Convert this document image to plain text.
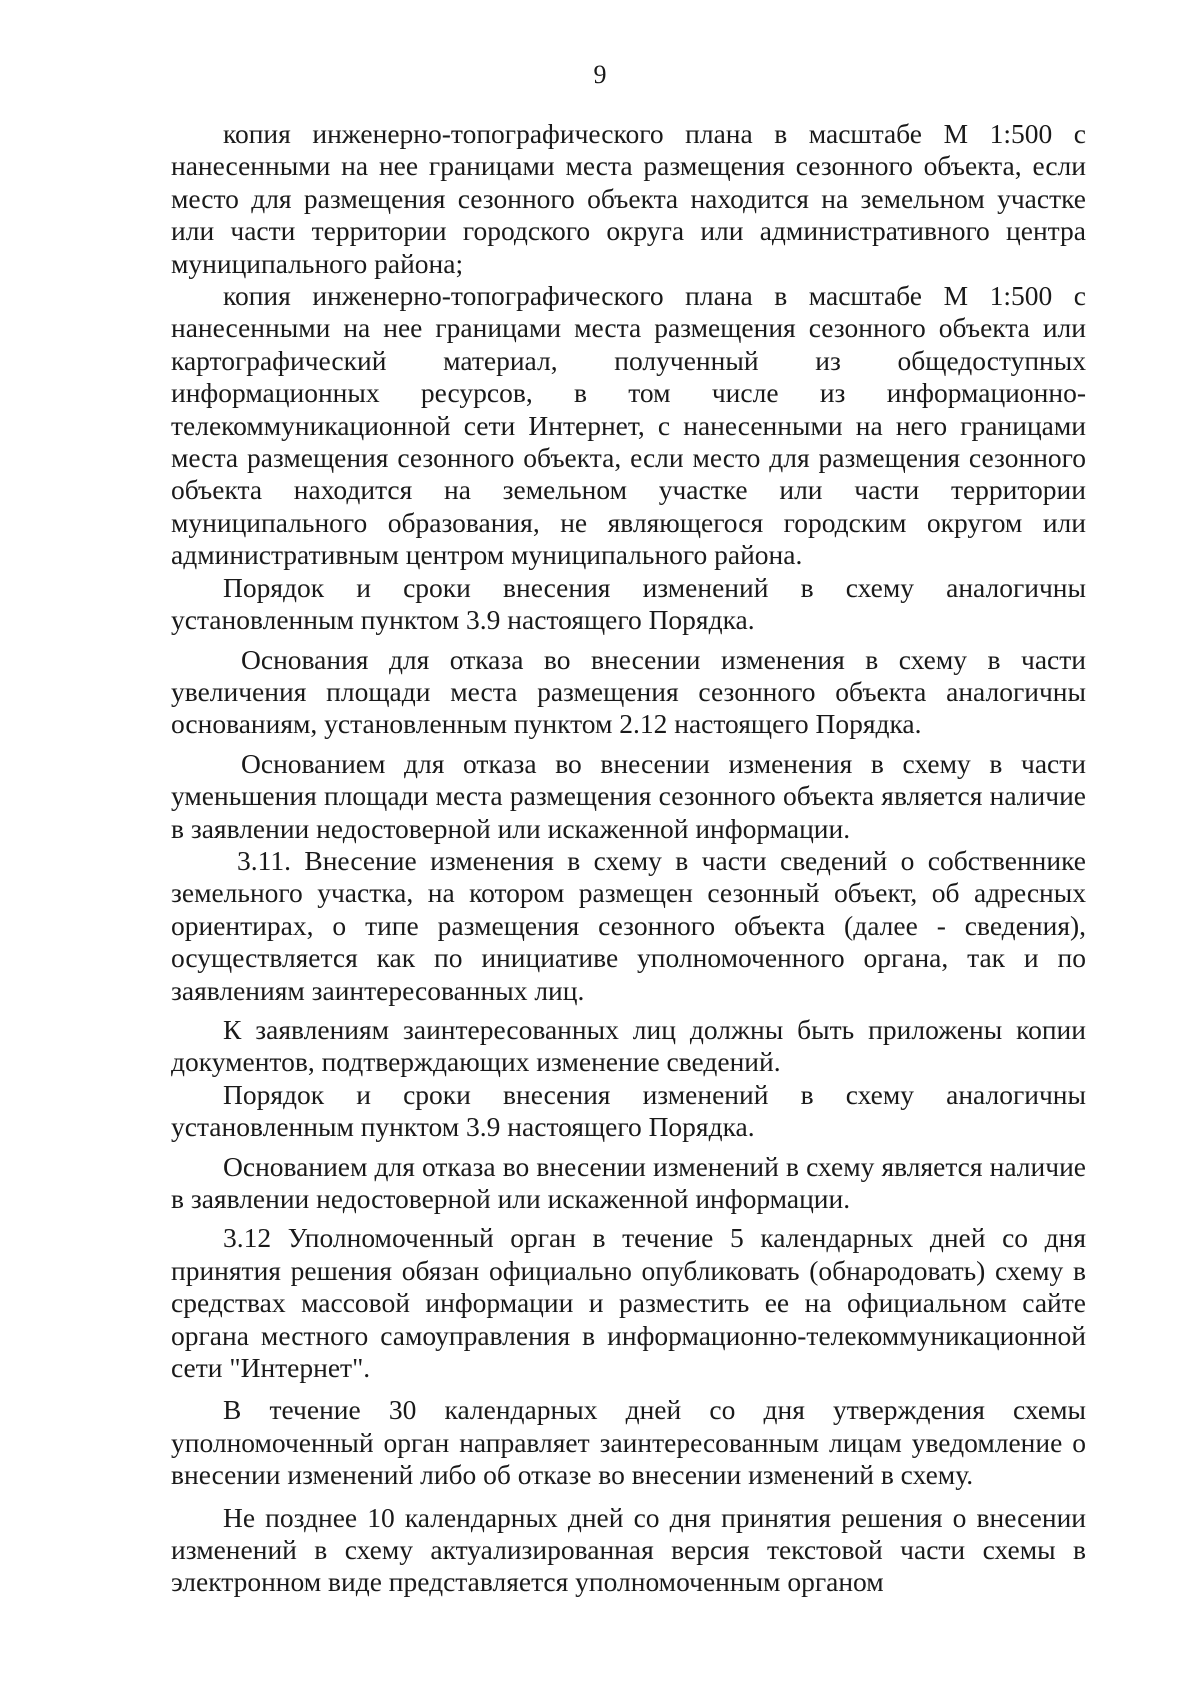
9

копия инженерно-топографического плана в масштабе М 1:500 с нанесенными на нее границами места размещения сезонного объекта, если место для размещения сезонного объекта находится на земельном участке или части территории городского округа или административного центра муниципального района;

копия инженерно-топографического плана в масштабе М 1:500 с нанесенными на нее границами места размещения сезонного объекта или картографический материал, полученный из общедоступных информационных ресурсов, в том числе из информационно-телекоммуникационной сети Интернет, с нанесенными на него границами места размещения сезонного объекта, если место для размещения сезонного объекта находится на земельном участке или части территории муниципального образования, не являющегося городским округом или административным центром муниципального района.

Порядок и сроки внесения изменений в схему аналогичны установленным пунктом 3.9 настоящего Порядка.

Основания для отказа во внесении изменения в схему в части увеличения площади места размещения сезонного объекта аналогичны основаниям, установленным пунктом 2.12 настоящего Порядка.

Основанием для отказа во внесении изменения в схему в части уменьшения площади места размещения сезонного объекта является наличие в заявлении недостоверной или искаженной информации.

3.11. Внесение изменения в схему в части сведений о собственнике земельного участка, на котором размещен сезонный объект, об адресных ориентирах, о типе размещения сезонного объекта (далее - сведения), осуществляется как по инициативе уполномоченного органа, так и по заявлениям заинтересованных лиц.

К заявлениям заинтересованных лиц должны быть приложены копии документов, подтверждающих изменение сведений.

Порядок и сроки внесения изменений в схему аналогичны установленным пунктом 3.9 настоящего Порядка.

Основанием для отказа во внесении изменений в схему является наличие в заявлении недостоверной или искаженной информации.

3.12 Уполномоченный орган в течение 5 календарных дней со дня принятия решения обязан официально опубликовать (обнародовать) схему в средствах массовой информации и разместить ее на официальном сайте органа местного самоуправления в информационно-телекоммуникационной сети "Интернет".

В течение 30 календарных дней со дня утверждения схемы уполномоченный орган направляет заинтересованным лицам уведомление о внесении изменений либо об отказе во внесении изменений в схему.

Не позднее 10 календарных дней со дня принятия решения о внесении изменений в схему актуализированная версия текстовой части схемы в электронном виде представляется уполномоченным органом
